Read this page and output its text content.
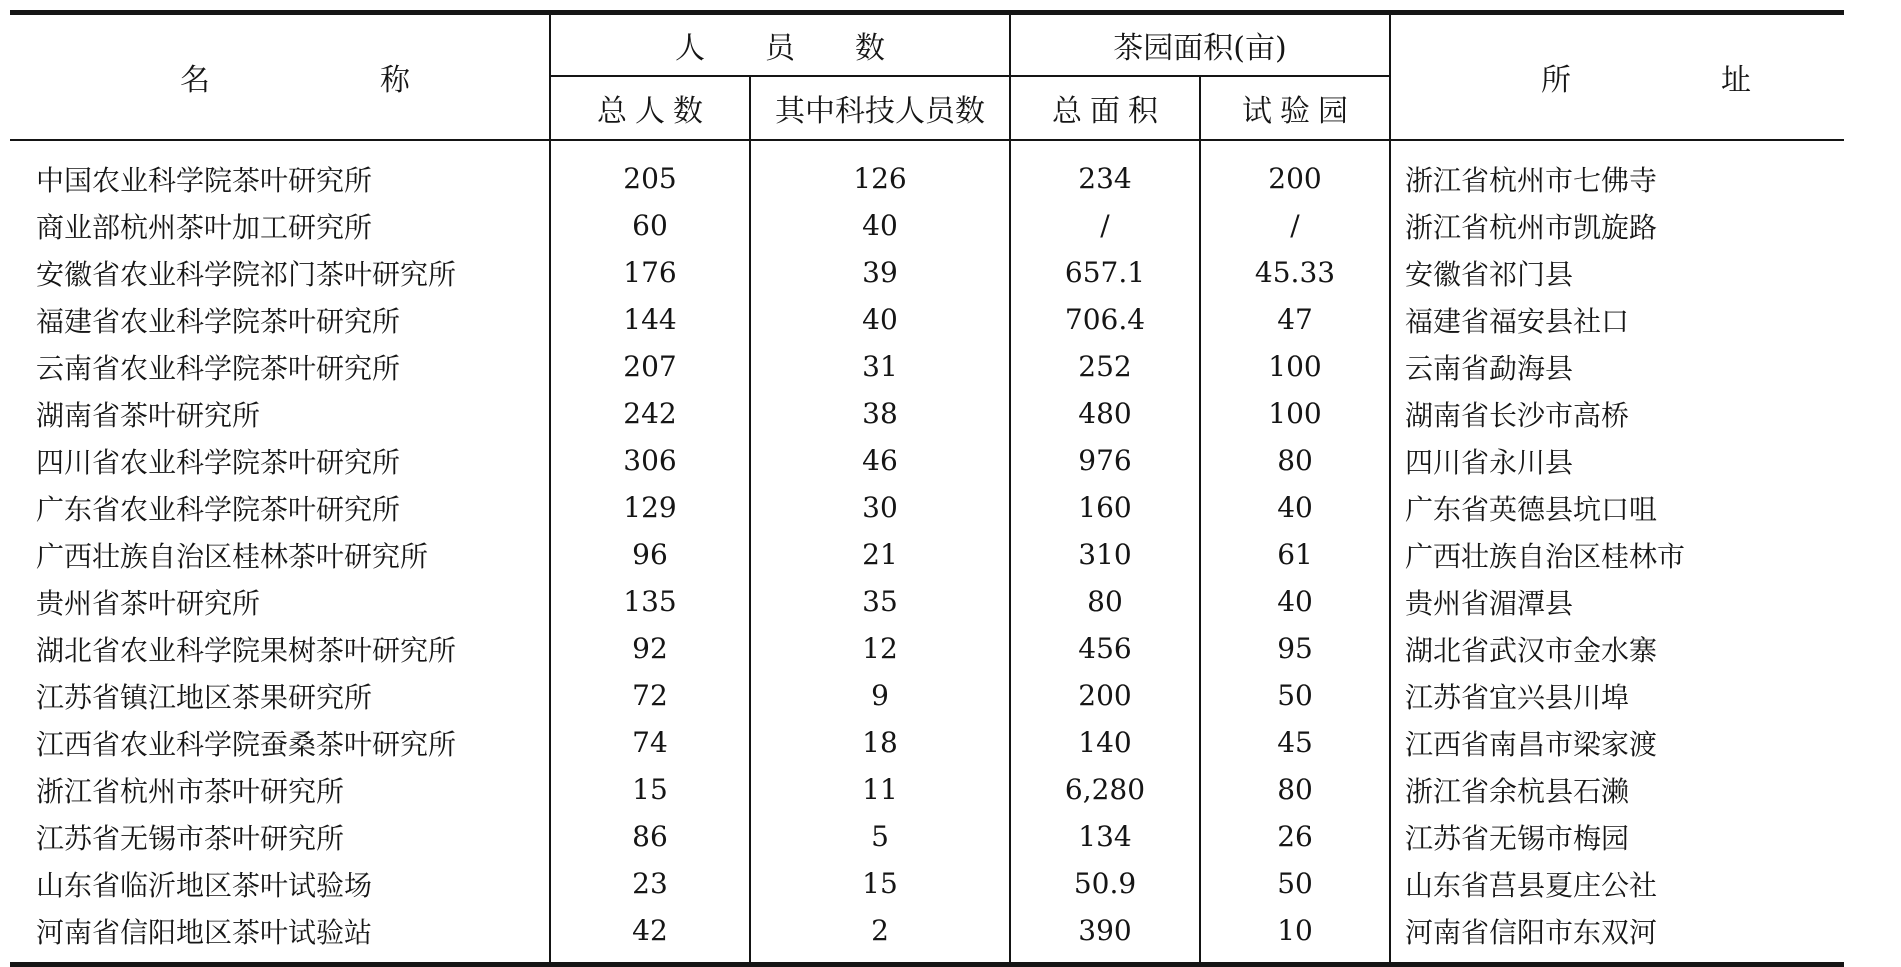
名称	人员数		茶园面积(亩)		所址
	总人数	其中科技人员数	总面积	试验园	
中国农业科学院茶叶研究所	205	126	234	200	浙江省杭州市七佛寺
商业部杭州茶叶加工研究所	60	40	/	/	浙江省杭州市凯旋路
安徽省农业科学院祁门茶叶研究所	176	39	657.1	45.33	安徽省祁门县
福建省农业科学院茶叶研究所	144	40	706.4	47	福建省福安县社口
云南省农业科学院茶叶研究所	207	31	252	100	云南省勐海县
湖南省茶叶研究所	242	38	480	100	湖南省长沙市高桥
四川省农业科学院茶叶研究所	306	46	976	80	四川省永川县
广东省农业科学院茶叶研究所	129	30	160	40	广东省英德县坑口咀
广西壮族自治区桂林茶叶研究所	96	21	310	61	广西壮族自治区桂林市
贵州省茶叶研究所	135	35	80	40	贵州省湄潭县
湖北省农业科学院果树茶叶研究所	92	12	456	95	湖北省武汉市金水寨
江苏省镇江地区茶果研究所	72	9	200	50	江苏省宜兴县川埠
江西省农业科学院蚕桑茶叶研究所	74	18	140	45	江西省南昌市梁家渡
浙江省杭州市茶叶研究所	15	11	6,280	80	浙江省余杭县石濑
江苏省无锡市茶叶研究所	86	5	134	26	江苏省无锡市梅园
山东省临沂地区茶叶试验场	23	15	50.9	50	山东省莒县夏庄公社
河南省信阳地区茶叶试验站	42	2	390	10	河南省信阳市东双河
